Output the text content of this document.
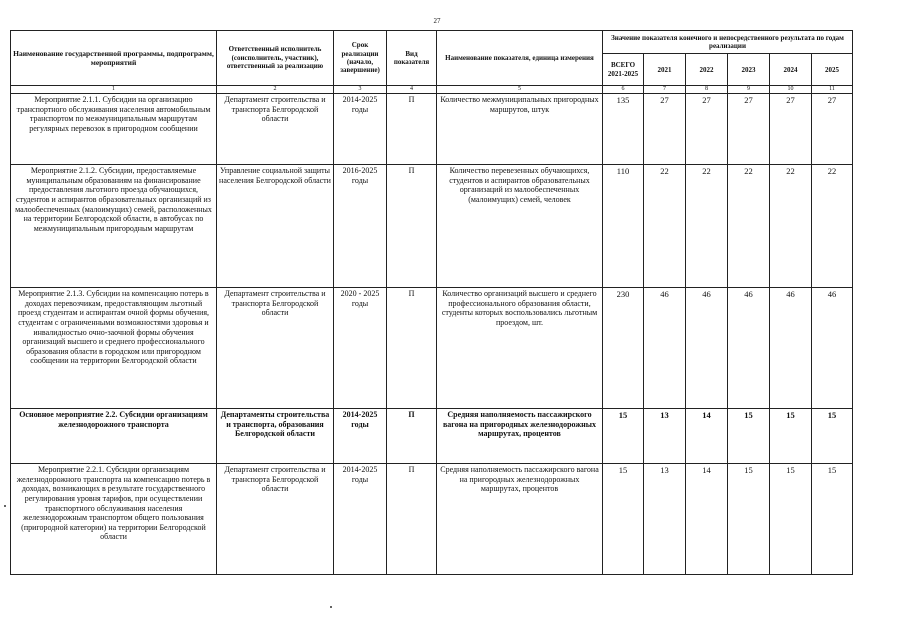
27
Наименование государственной программы, подпрограмм, мероприятий	Ответственный исполнитель (соисполнитель, участник), ответственный за реализацию	Срок реализации (начало, завершение)	Вид показателя	Наименование показателя, единица измерения	Значение показателя конечного и непосредственного результата по годам реализации					
					ВСЕГО 2021-2025	2021	2022	2023	2024	2025
1	2	3	4	5	6	7	8	9	10	11
Мероприятие 2.1.1. Субсидии на организацию транспортного обслуживания населения автомобильным транспортом по межмуниципальным маршрутам регулярных перевозок в пригородном сообщении	Департамент строительства и транспорта Белгородской области	2014-2025 годы	П	Количество межмуниципальных пригородных маршрутов, штук	135	27	27	27	27	27
Мероприятие 2.1.2. Субсидии, предоставляемые муниципальным образованиям на финансирование предоставления льготного проезда обучающихся, студентов и аспирантов образовательных организаций из малообеспеченных (малоимущих) семей, расположенных на территории Белгородской области, в автобусах по межмуниципальным пригородным маршрутам	Управление социальной защиты населения Белгородской области	2016-2025 годы	П	Количество перевезенных обучающихся, студентов и аспирантов образовательных организаций из малообеспеченных (малоимущих) семей, человек	110	22	22	22	22	22
Мероприятие 2.1.3. Субсидии на компенсацию потерь в доходах перевозчикам, предоставляющим льготный проезд студентам и аспирантам очной формы обучения, студентам с ограниченными возможностями здоровья и инвалидностью очно-заочной формы обучения организаций высшего и среднего профессионального образования области в городском или пригородном сообщении на территории Белгородской области	Департамент строительства и транспорта Белгородской области	2020 - 2025 годы	П	Количество организаций высшего и среднего профессионального образования области, студенты которых воспользовались льготным проездом, шт.	230	46	46	46	46	46
Основное мероприятие 2.2. Субсидии организациям железнодорожного транспорта	Департаменты строительства и транспорта, образования Белгородской области	2014-2025 годы	П	Средняя наполняемость пассажирского вагона на пригородных железнодорожных маршрутах, процентов	15	13	14	15	15	15
Мероприятие 2.2.1. Субсидии организациям железнодорожного транспорта на компенсацию потерь в доходах, возникающих в результате государственного регулирования уровня тарифов, при осуществлении транспортного обслуживания населения железнодорожным транспортом общего пользования (пригородной категории) на территории Белгородской области	Департамент строительства и транспорта Белгородской области	2014-2025 годы	П	Средняя наполняемость пассажирского вагона на пригородных железнодорожных маршрутах, процентов	15	13	14	15	15	15
